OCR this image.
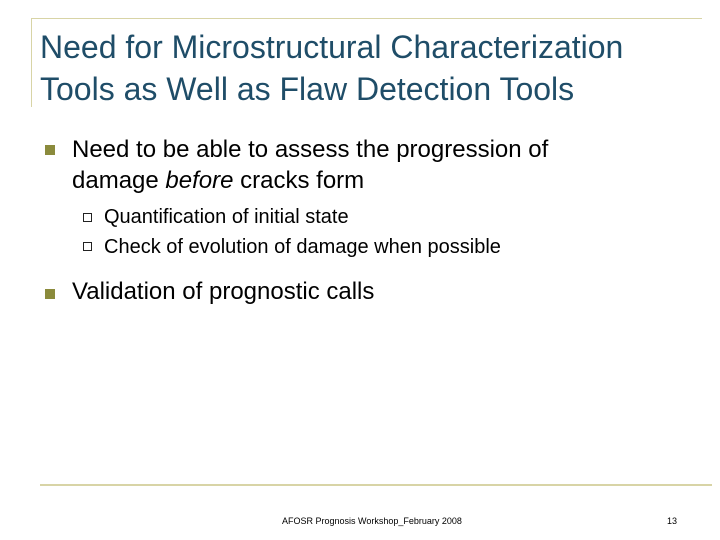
Need for Microstructural Characterization
Tools as Well as Flaw Detection Tools
Need to be able to assess the progression of
damage before cracks form
Quantification of initial state
Check of evolution of damage when possible
Validation of prognostic calls
AFOSR Prognosis Workshop_February 2008	13
